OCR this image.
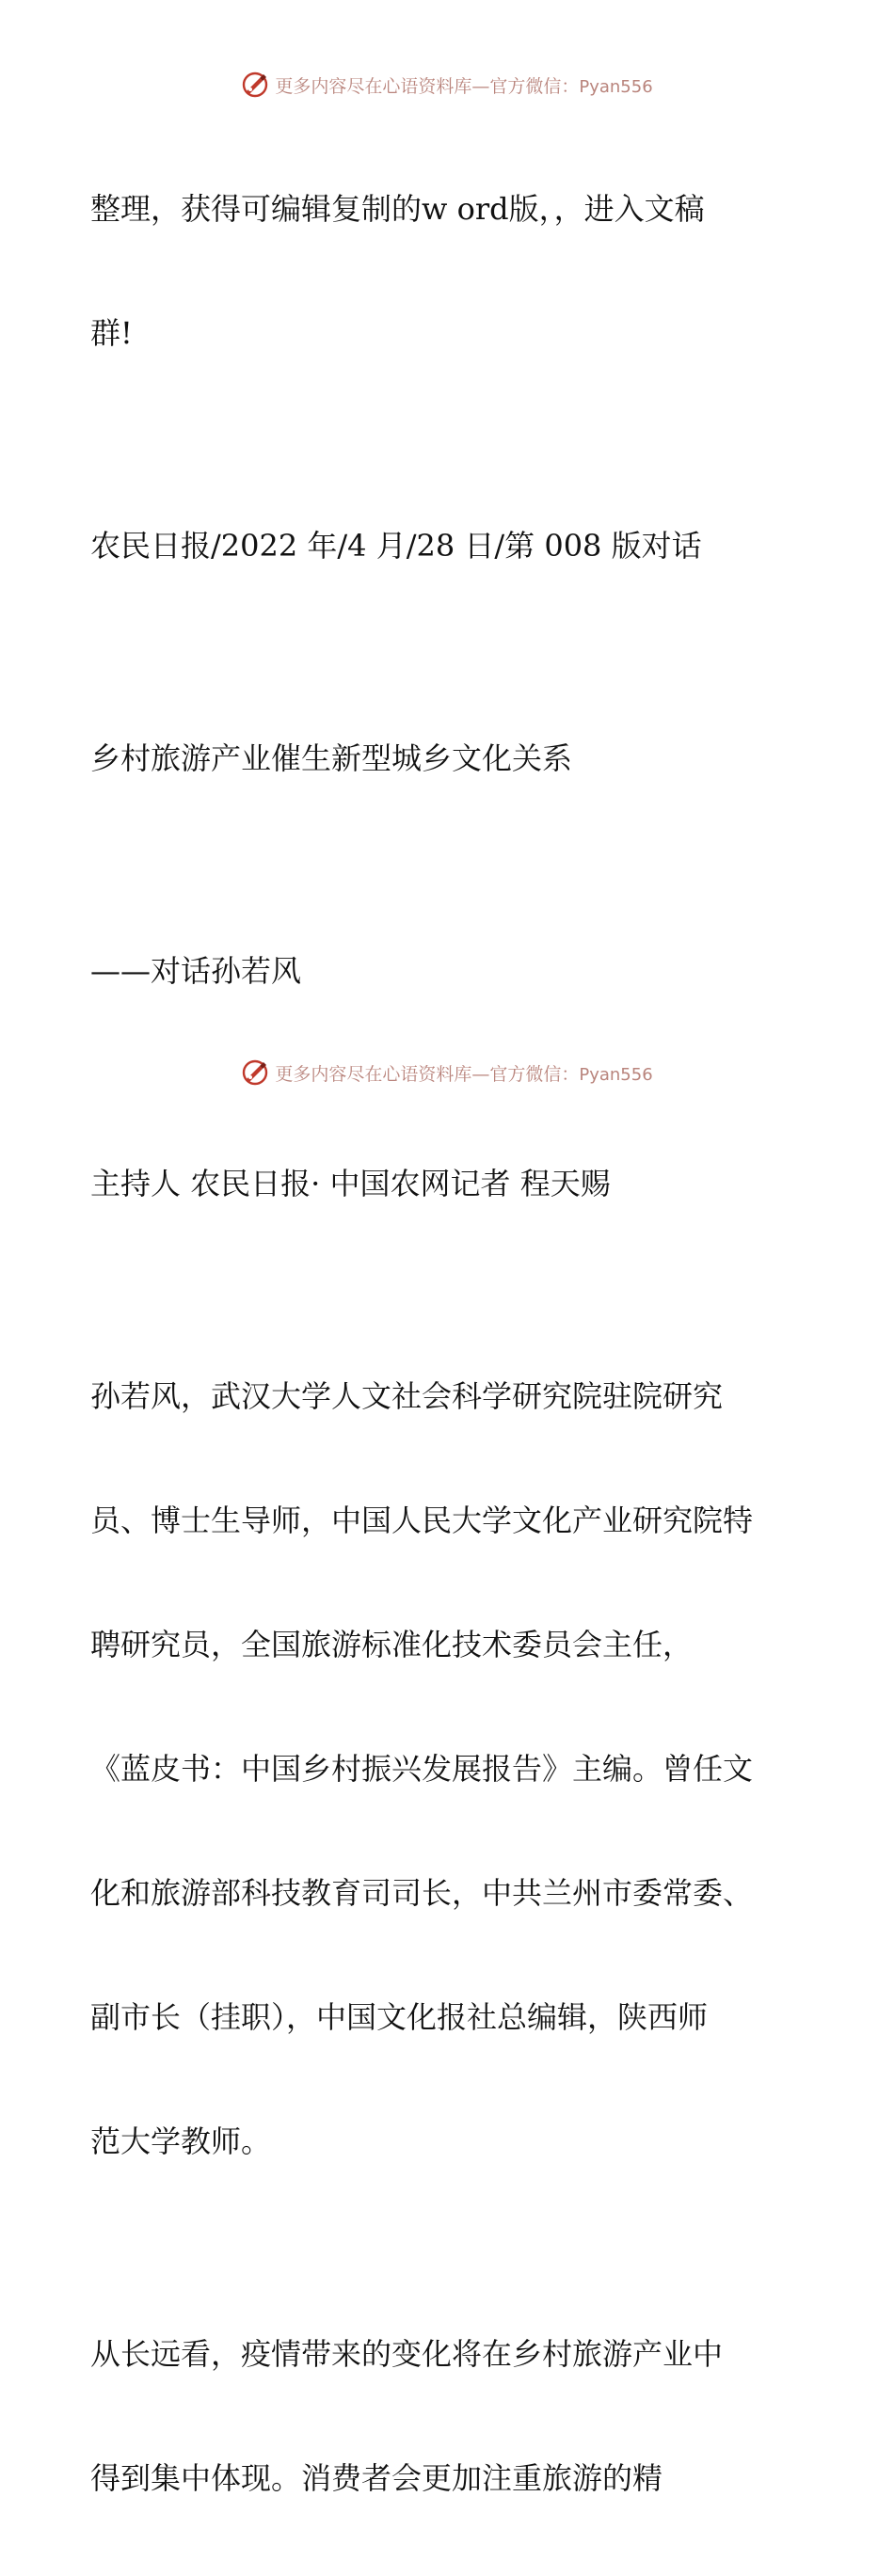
更多内容尽在心语资料库—官方微信：Pyan556

整理，获得可编辑复制的w ord版，，进入文稿

群!

农民日报/2022 年/4 月/28 日/第 008 版对话

乡村旅游产业催生新型城乡文化关系

——对话孙若风

主持人 农民日报· 中国农网记者 程天赐

孙若风，武汉大学人文社会科学研究院驻院研究

员、博士生导师，中国人民大学文化产业研究院特

聘研究员，全国旅游标准化技术委员会主任，

《蓝皮书：中国乡村振兴发展报告》主编。曾任文

化和旅游部科技教育司司长，中共兰州市委常委、

副市长（挂职），中国文化报社总编辑，陕西师

范大学教师。

从长远看，疫情带来的变化将在乡村旅游产业中

得到集中体现。消费者会更加注重旅游的精

更多内容尽在心语资料库—官方微信：Pyan556
